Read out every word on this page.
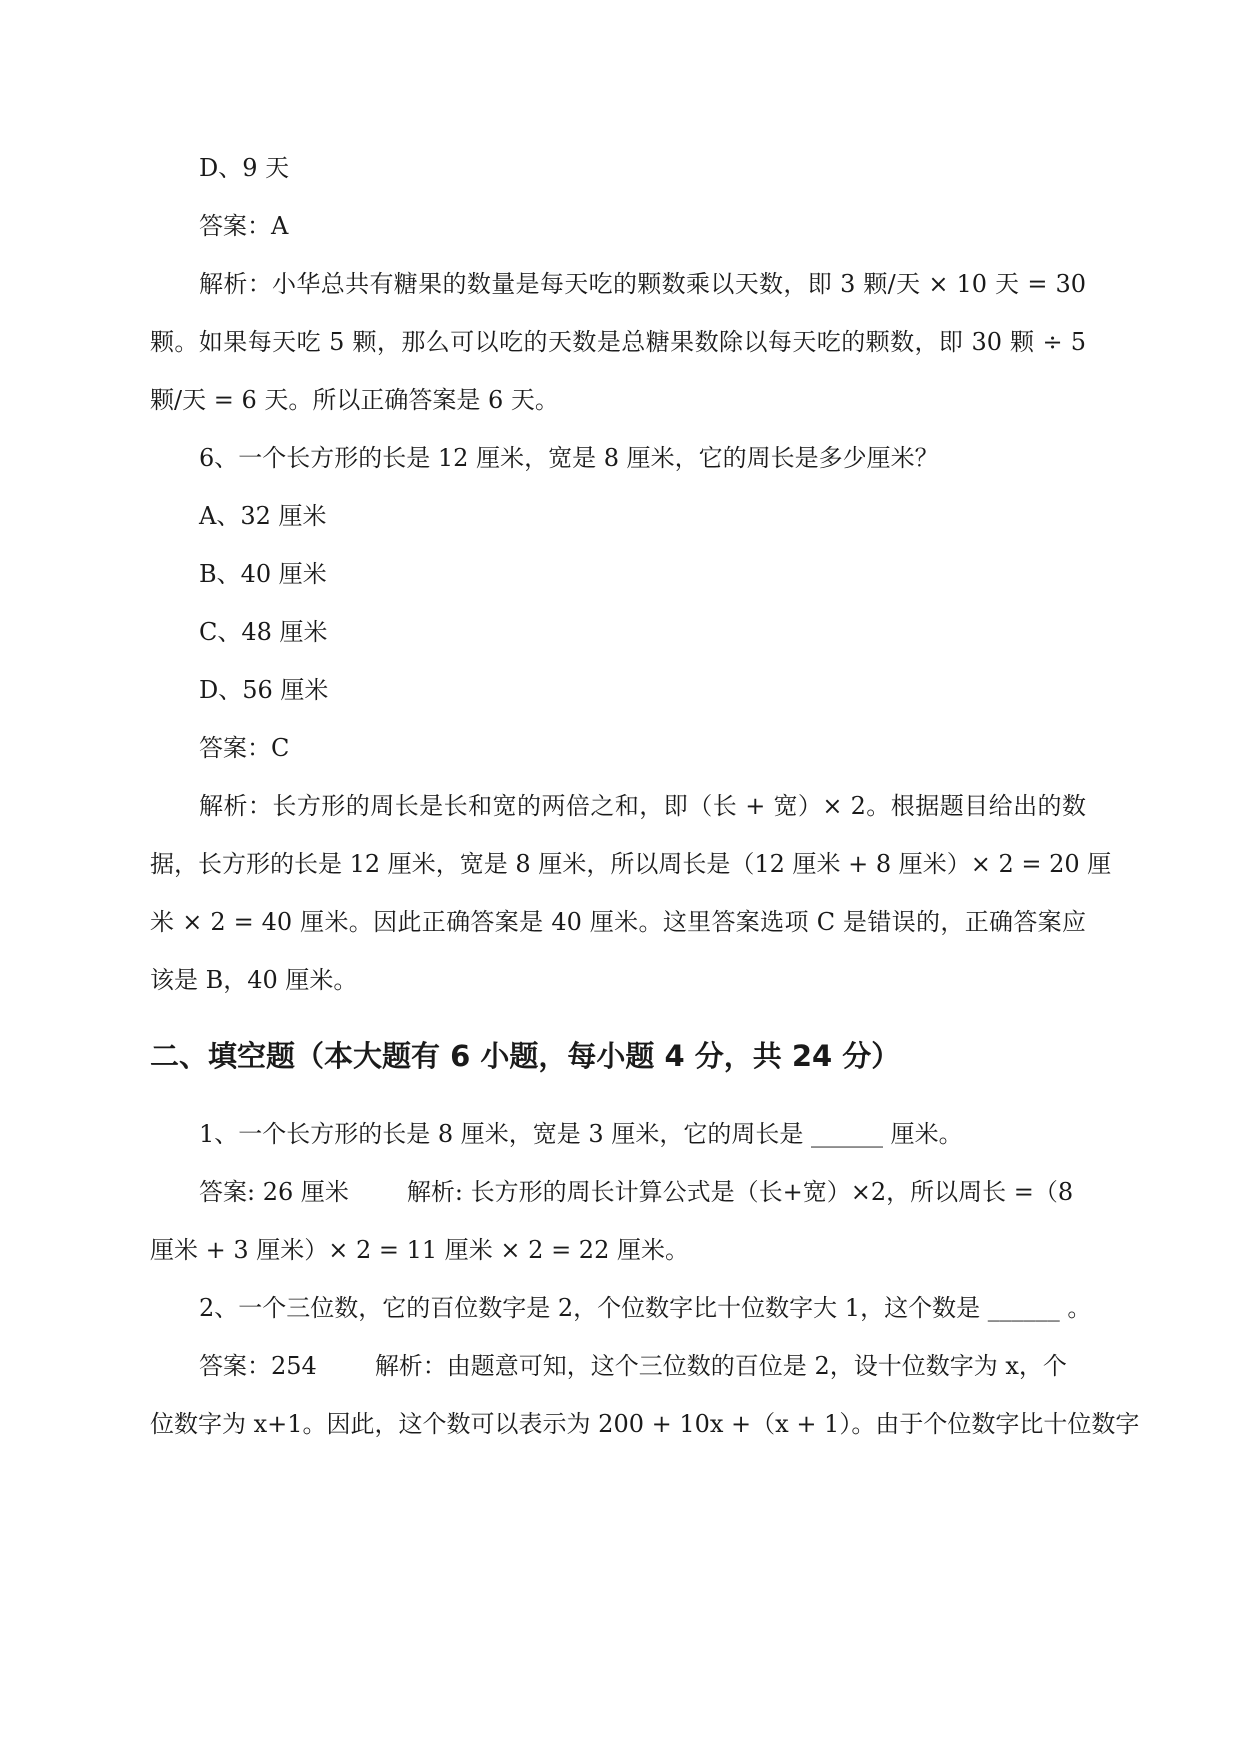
D、9 天
答案：A
解析：小华总共有糖果的数量是每天吃的颗数乘以天数，即 3 颗/天 × 10 天 = 30
颗。如果每天吃 5 颗，那么可以吃的天数是总糖果数除以每天吃的颗数，即 30 颗 ÷ 5
颗/天 = 6 天。所以正确答案是 6 天。
6、一个长方形的长是 12 厘米，宽是 8 厘米，它的周长是多少厘米？
A、32 厘米
B、40 厘米
C、48 厘米
D、56 厘米
答案：C
解析：长方形的周长是长和宽的两倍之和，即（长 + 宽）× 2。根据题目给出的数
据，长方形的长是 12 厘米，宽是 8 厘米，所以周长是（12 厘米 + 8 厘米）× 2 = 20 厘
米 × 2 = 40 厘米。因此正确答案是 40 厘米。这里答案选项 C 是错误的，正确答案应
该是 B，40 厘米。
二、填空题（本大题有 6 小题，每小题 4 分，共 24 分）
1、一个长方形的长是 8 厘米，宽是 3 厘米，它的周长是 ______ 厘米。
答案: 26 厘米 解析: 长方形的周长计算公式是（长+宽）×2，所以周长 =（8
厘米 + 3 厘米）× 2 = 11 厘米 × 2 = 22 厘米。
2、一个三位数，它的百位数字是 2，个位数字比十位数字大 1，这个数是 ______ 。
答案：254 解析：由题意可知，这个三位数的百位是 2，设十位数字为 x，个
位数字为 x+1。因此，这个数可以表示为 200 + 10x +（x + 1）。由于个位数字比十位数字
